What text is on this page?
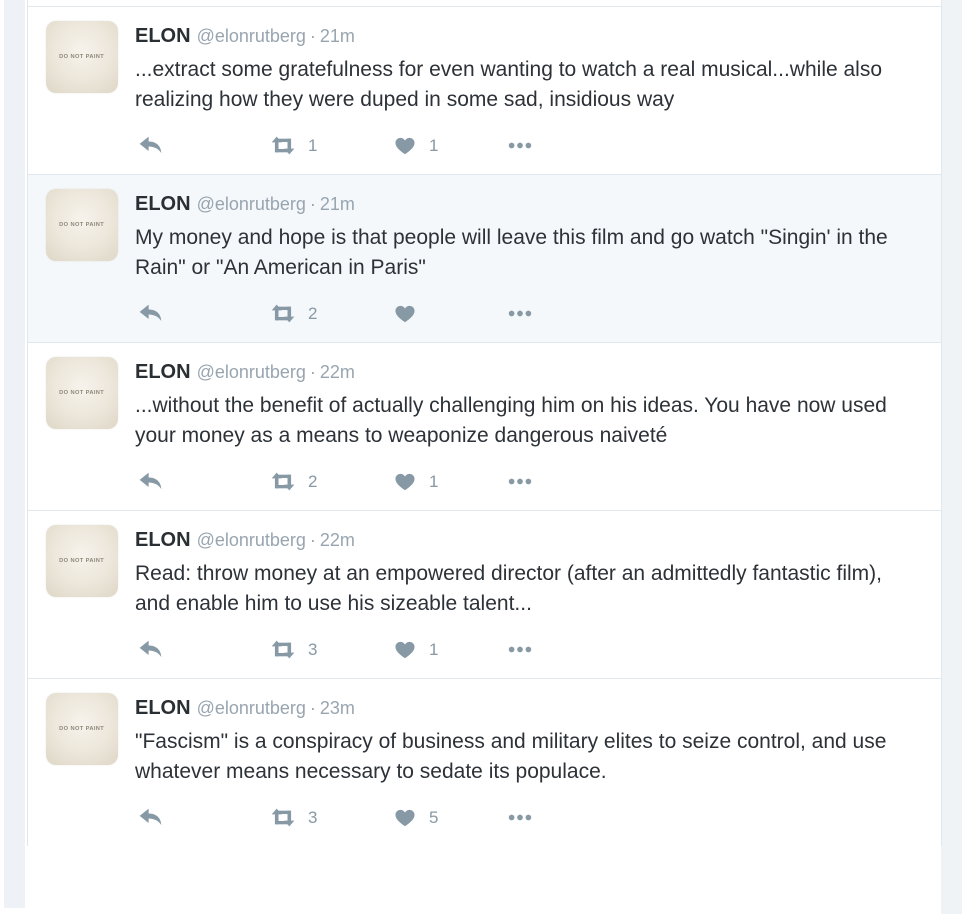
DO NOT PAINT
ELON @elonrutberg · 21m

...extract some gratefulness for even wanting to watch a real musical...while also realizing how they were duped in some sad, insidious way

1	1
DO NOT PAINT
ELON @elonrutberg · 21m

My money and hope is that people will leave this film and go watch "Singin' in the Rain" or "An American in Paris"

2
DO NOT PAINT
ELON @elonrutberg · 22m

...without the benefit of actually challenging him on his ideas. You have now used your money as a means to weaponize dangerous naiveté

2	1
DO NOT PAINT
ELON @elonrutberg · 22m

Read: throw money at an empowered director (after an admittedly fantastic film), and enable him to use his sizeable talent...

3	1
DO NOT PAINT
ELON @elonrutberg · 23m

"Fascism" is a conspiracy of business and military elites to seize control, and use whatever means necessary to sedate its populace.

3	5
